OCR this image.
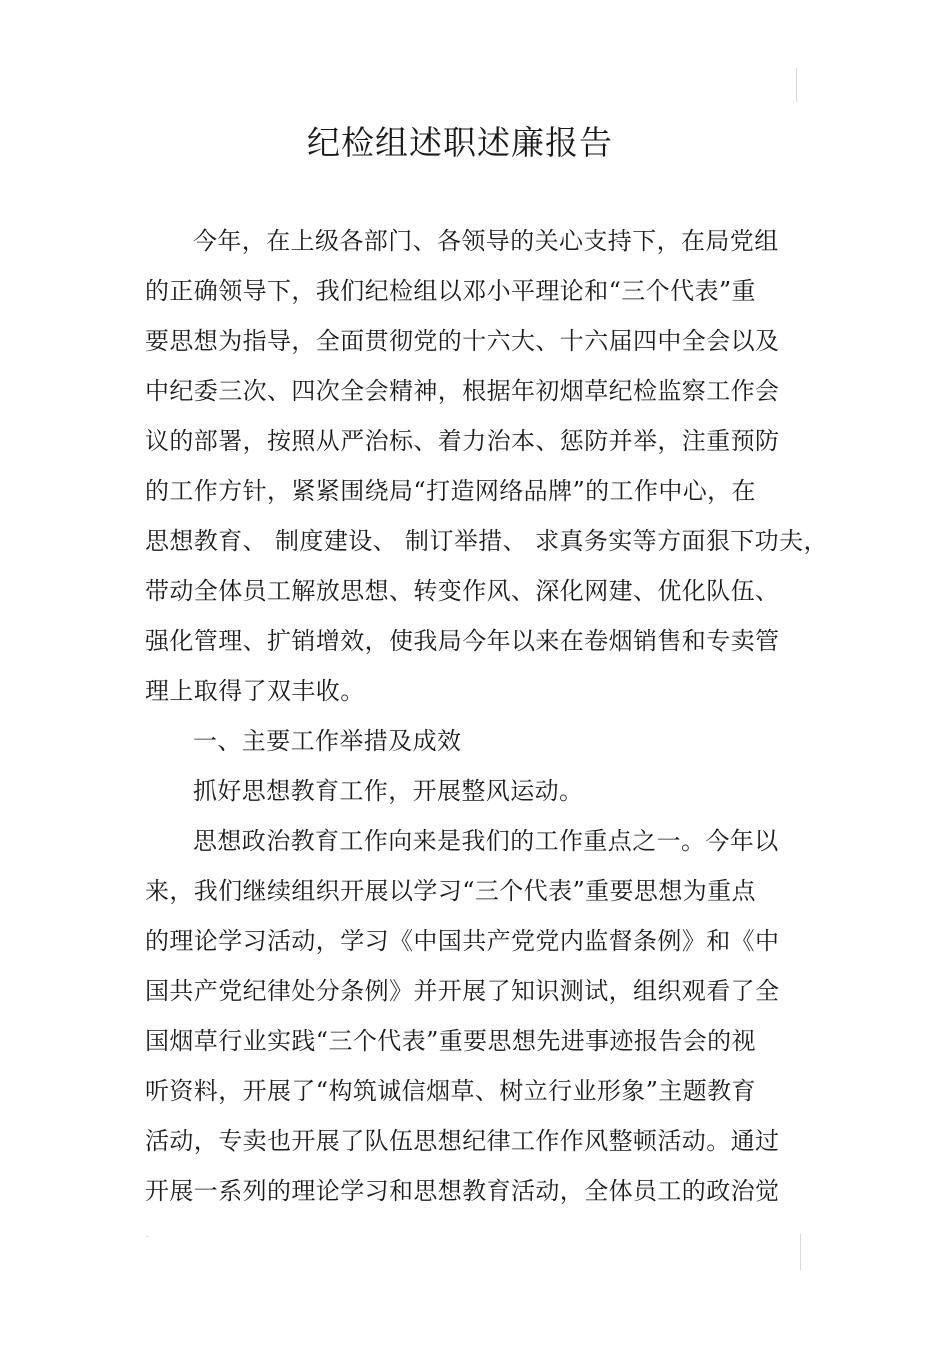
纪检组述职述廉报告

今年，在上级各部门、各领导的关心支持下，在局党组

的正确领导下，我们纪检组以邓小平理论和“三个代表”重

要思想为指导，全面贯彻党的十六大、十六届四中全会以及

中纪委三次、四次全会精神，根据年初烟草纪检监察工作会

议的部署，按照从严治标、着力治本、惩防并举，注重预防

的工作方针，紧紧围绕局“打造网络品牌”的工作中心，在

思想教育、 制度建设、 制订举措、 求真务实等方面狠下功夫，

带动全体员工解放思想、转变作风、深化网建、优化队伍、

强化管理、扩销增效，使我局今年以来在卷烟销售和专卖管

理上取得了双丰收。

一、主要工作举措及成效

抓好思想教育工作，开展整风运动。

思想政治教育工作向来是我们的工作重点之一。今年以

来，我们继续组织开展以学习“三个代表”重要思想为重点

的理论学习活动，学习《中国共产党党内监督条例》和《中

国共产党纪律处分条例》并开展了知识测试，组织观看了全

国烟草行业实践“三个代表”重要思想先进事迹报告会的视

听资料，开展了“构筑诚信烟草、树立行业形象”主题教育

活动，专卖也开展了队伍思想纪律工作作风整顿活动。通过

开展一系列的理论学习和思想教育活动，全体员工的政治觉
